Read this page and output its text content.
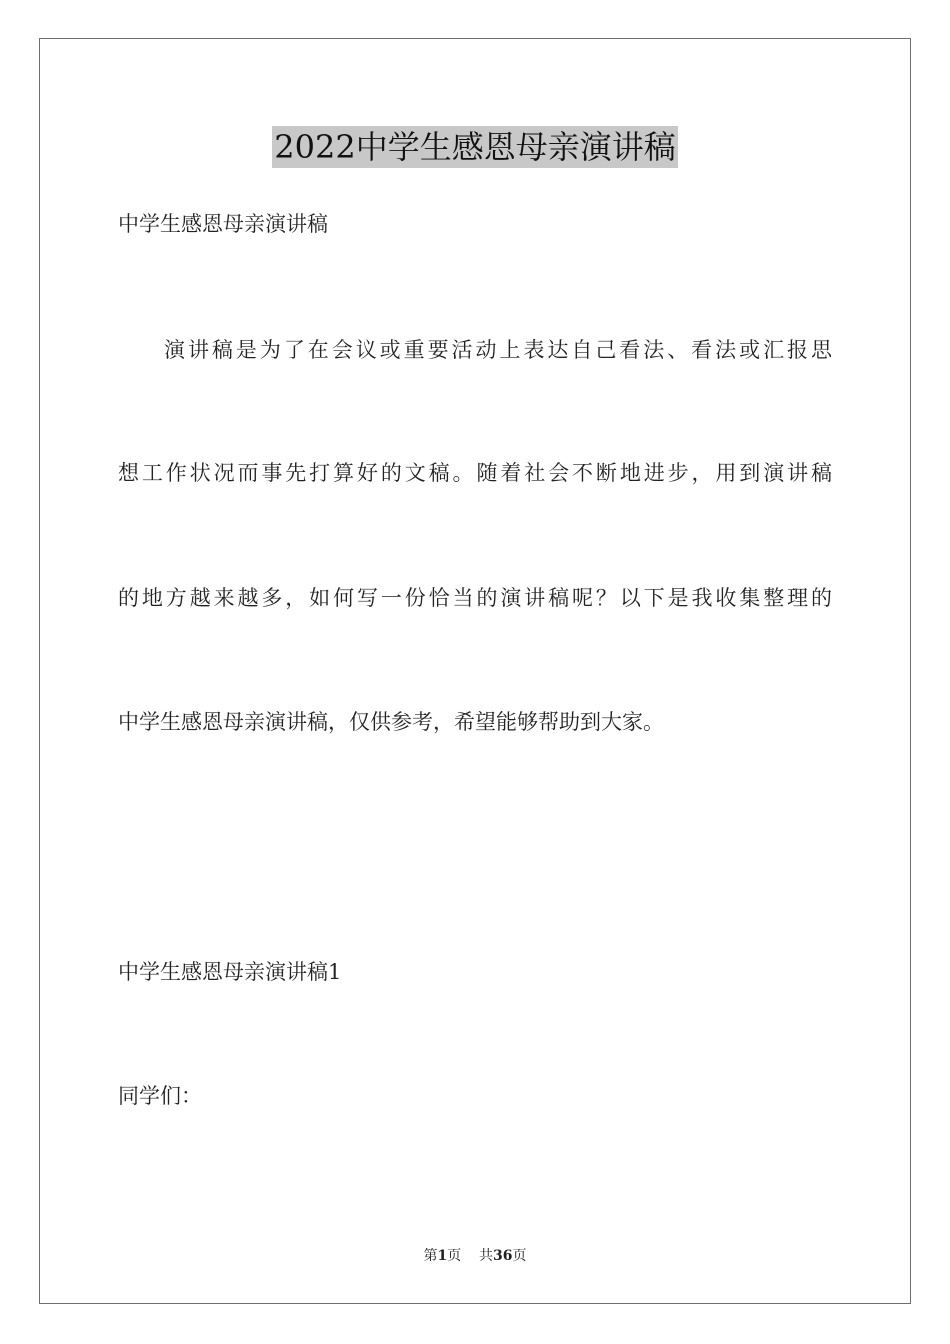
2022中学生感恩母亲演讲稿
中学生感恩母亲演讲稿
演讲稿是为了在会议或重要活动上表达自己看法、看法或汇报思
想工作状况而事先打算好的文稿。随着社会不断地进步，用到演讲稿
的地方越来越多，如何写一份恰当的演讲稿呢？以下是我收集整理的
中学生感恩母亲演讲稿，仅供参考，希望能够帮助到大家。
中学生感恩母亲演讲稿1
同学们：
第1页 共36页
